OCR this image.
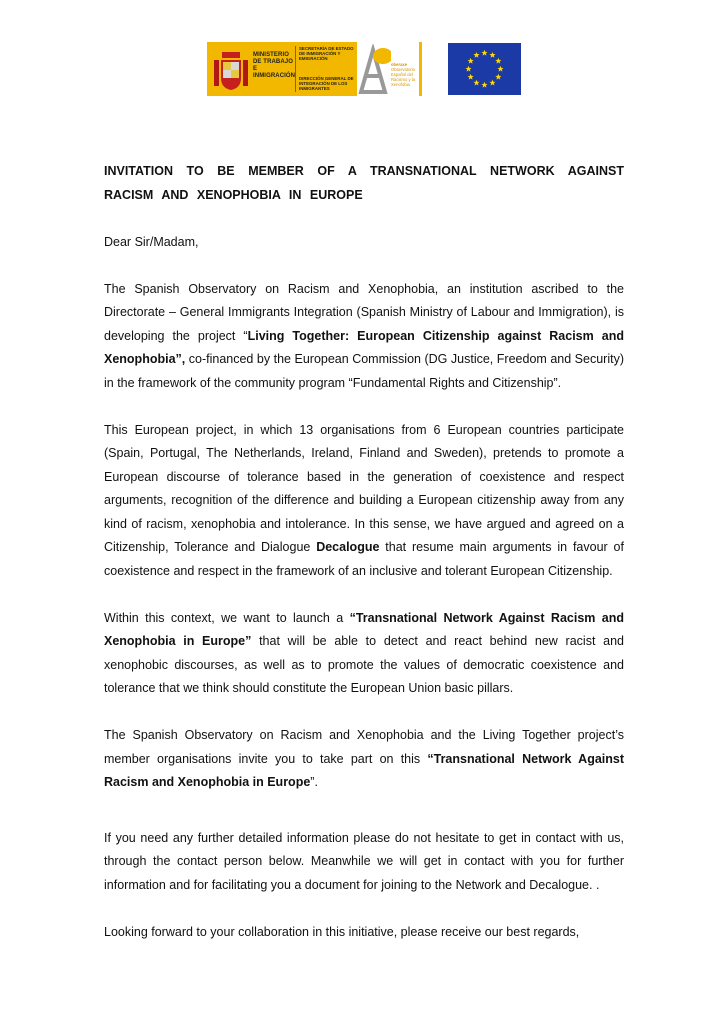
MINISTERIO DE TRABAJO E INMIGRACIÓN
SECRETARÍA DE ESTADO DE INMIGRACIÓN Y EMIGRACIÓN
DIRECCIÓN GENERAL DE INTEGRACIÓN DE LOS INMIGRANTES
oberaxe
Observatorio Español del Racismo y la Xenofobia

INVITATION TO BE MEMBER OF A TRANSNATIONAL NETWORK AGAINST RACISM AND XENOPHOBIA IN EUROPE

Dear Sir/Madam,

The Spanish Observatory on Racism and Xenophobia, an institution ascribed to the Directorate – General Immigrants Integration (Spanish Ministry of Labour and Immigration), is developing the project “Living Together: European Citizenship against Racism and Xenophobia”, co-financed by the European Commission (DG Justice, Freedom and Security) in the framework of the community program “Fundamental Rights and Citizenship”.

This European project, in which 13 organisations from 6 European countries participate (Spain, Portugal, The Netherlands, Ireland, Finland and Sweden), pretends to promote a European discourse of tolerance based in the generation of coexistence and respect arguments, recognition of the difference and building a European citizenship away from any kind of racism, xenophobia and intolerance. In this sense, we have argued and agreed on a Citizenship, Tolerance and Dialogue Decalogue that resume main arguments in favour of coexistence and respect in the framework of an inclusive and tolerant European Citizenship.

Within this context, we want to launch a “Transnational Network Against Racism and Xenophobia in Europe” that will be able to detect and react behind new racist and xenophobic discourses, as well as to promote the values of democratic coexistence and tolerance that we think should constitute the European Union basic pillars.

The Spanish Observatory on Racism and Xenophobia and the Living Together project’s member organisations invite you to take part on this “Transnational Network Against Racism and Xenophobia in Europe”.

If you need any further detailed information please do not hesitate to get in contact with us, through the contact person below. Meanwhile we will get in contact with you for further information and for facilitating you a document for joining to the Network and Decalogue. .

Looking forward to your collaboration in this initiative, please receive our best regards,
